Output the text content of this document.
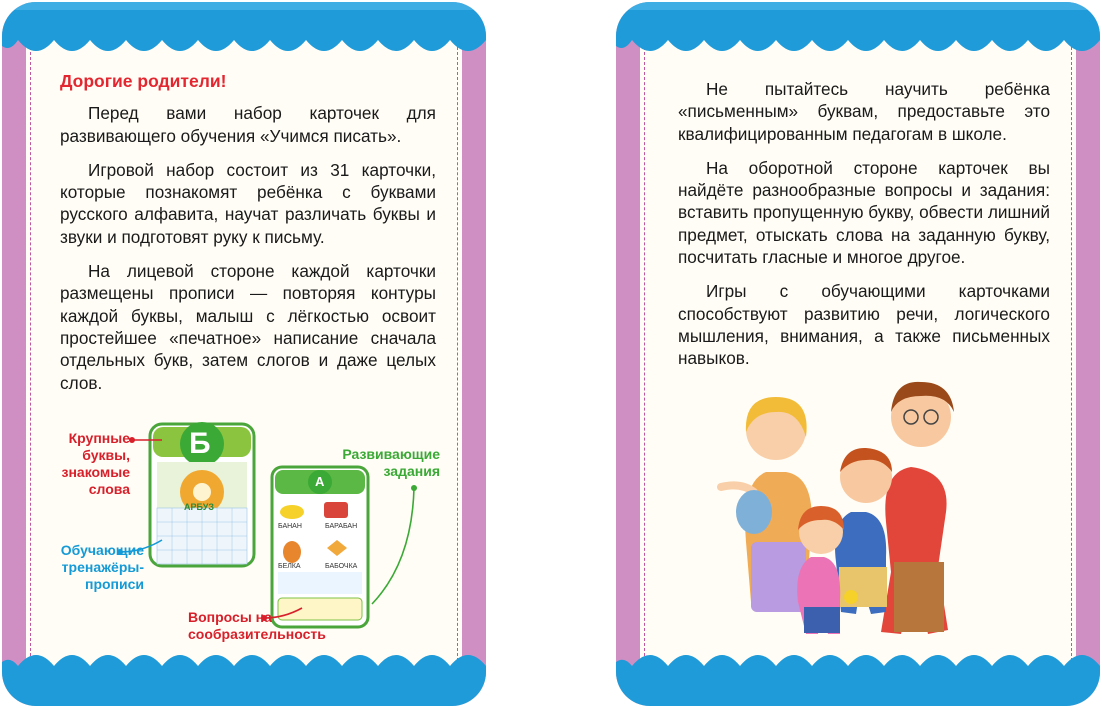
Дорогие родители!

Перед вами набор карточек для развивающего обучения «Учимся писать».

Игровой набор состоит из 31 карточки, которые познакомят ребёнка с буквами русского алфавита, научат различать буквы и звуки и подготовят руку к письму.

На лицевой стороне каждой карточки размещены прописи — повторяя контуры каждой буквы, малыш с лёгкостью освоит простейшее «печатное» написание сначала отдельных букв, затем слогов и даже целых слов.

Б
АРБУЗ
А
БАНАН	БАРАБАН
БЕЛКА	БАБОЧКА
Крупные буквы, знакомые слова
Обучающие тренажёры-прописи
Развивающие задания
Вопросы на сообразительность

Не пытайтесь научить ребёнка «письменным» буквам, предоставьте это квалифицированным педагогам в школе.

На оборотной стороне карточек вы найдёте разнообразные вопросы и задания: вставить пропущенную букву, обвести лишний предмет, отыскать слова на заданную букву, посчитать гласные и многое другое.

Игры с обучающими карточками способствуют развитию речи, логического мышления, внимания, а также письменных навыков.
